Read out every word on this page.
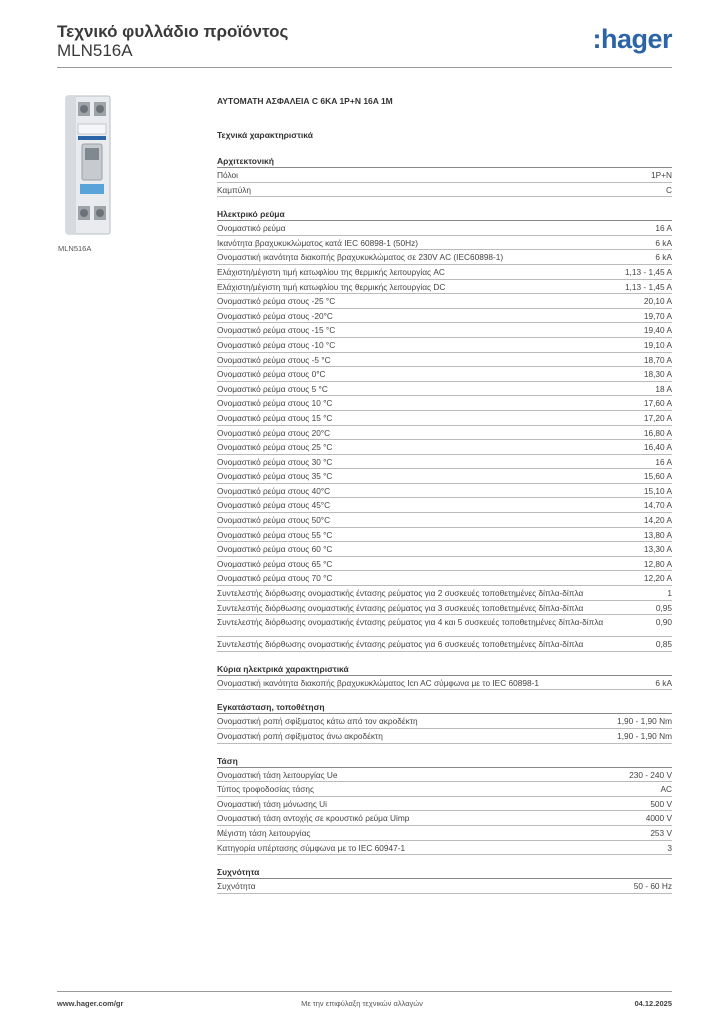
Τεχνικό φυλλάδιο προϊόντος
MLN516A	:hager
MLN516A
ΑΥΤΟΜΑΤΗ ΑΣΦΑΛΕΙΑ C 6KA 1P+N 16A 1M
Τεχνικά χαρακτηριστικά
Αρχιτεκτονική
Πόλοι	1P+N
Καμπύλη	C
Ηλεκτρικό ρεύμα
Ονομαστικό ρεύμα	16 A
Ικανότητα βραχυκυκλώματος κατά IEC 60898-1 (50Hz)	6 kA
Ονομαστική ικανότητα διακοπής βραχυκυκλώματος σε 230V AC (IEC60898-1)	6 kA
Ελάχιστη/μέγιστη τιμή κατωφλίου της θερμικής λειτουργίας AC	1,13 - 1,45 A
Ελάχιστη/μέγιστη τιμή κατωφλίου της θερμικής λειτουργίας DC	1,13 - 1,45 A
Ονομαστικό ρεύμα στους -25 °C	20,10 A
Ονομαστικό ρεύμα στους -20°C	19,70 A
Ονομαστικό ρεύμα στους -15 °C	19,40 A
Ονομαστικό ρεύμα στους -10 °C	19,10 A
Ονομαστικό ρεύμα στους -5 °C	18,70 A
Ονομαστικό ρεύμα στους 0°C	18,30 A
Ονομαστικό ρεύμα στους 5 °C	18 A
Ονομαστικό ρεύμα στους 10 °C	17,60 A
Ονομαστικό ρεύμα στους 15 °C	17,20 A
Ονομαστικό ρεύμα στους 20°C	16,80 A
Ονομαστικό ρεύμα στους 25 °C	16,40 A
Ονομαστικό ρεύμα στους 30 °C	16 A
Ονομαστικό ρεύμα στους 35 °C	15,60 A
Ονομαστικό ρεύμα στους 40°C	15,10 A
Ονομαστικό ρεύμα στους 45°C	14,70 A
Ονομαστικό ρεύμα στους 50°C	14,20 A
Ονομαστικό ρεύμα στους 55 °C	13,80 A
Ονομαστικό ρεύμα στους 60 °C	13,30 A
Ονομαστικό ρεύμα στους 65 °C	12,80 A
Ονομαστικό ρεύμα στους 70 °C	12,20 A
Συντελεστής διόρθωσης ονομαστικής έντασης ρεύματος για 2 συσκευές τοποθετημένες δίπλα-δίπλα	1
Συντελεστής διόρθωσης ονομαστικής έντασης ρεύματος για 3 συσκευές τοποθετημένες δίπλα-δίπλα	0,95
Συντελεστής διόρθωσης ονομαστικής έντασης ρεύματος για 4 και 5 συσκευές τοποθετημένες δίπλα-δίπλα	0,90
Συντελεστής διόρθωσης ονομαστικής έντασης ρεύματος για 6 συσκευές τοποθετημένες δίπλα-δίπλα	0,85
Κύρια ηλεκτρικά χαρακτηριστικά
Ονομαστική ικανότητα διακοπής βραχυκυκλώματος Icn AC σύμφωνα με το IEC 60898-1	6 kA
Εγκατάσταση, τοποθέτηση
Ονομαστική ροπή σφίξιματος κάτω από τον ακροδέκτη	1,90 - 1,90 Nm
Ονομαστική ροπή σφίξιματος άνω ακροδέκτη	1,90 - 1,90 Nm
Τάση
Ονομαστική τάση λειτουργίας Ue	230 - 240 V
Τύπος τροφοδοσίας τάσης	AC
Ονομαστική τάση μόνωσης Ui	500 V
Ονομαστική τάση αντοχής σε κρουστικό ρεύμα Uimp	4000 V
Μέγιστη τάση λειτουργίας	253 V
Κατηγορία υπέρτασης σύμφωνα με το IEC 60947-1	3
Συχνότητα
Συχνότητα	50 - 60 Hz
www.hager.com/gr	Με την επιφύλαξη τεχνικών αλλαγών	04.12.2025
